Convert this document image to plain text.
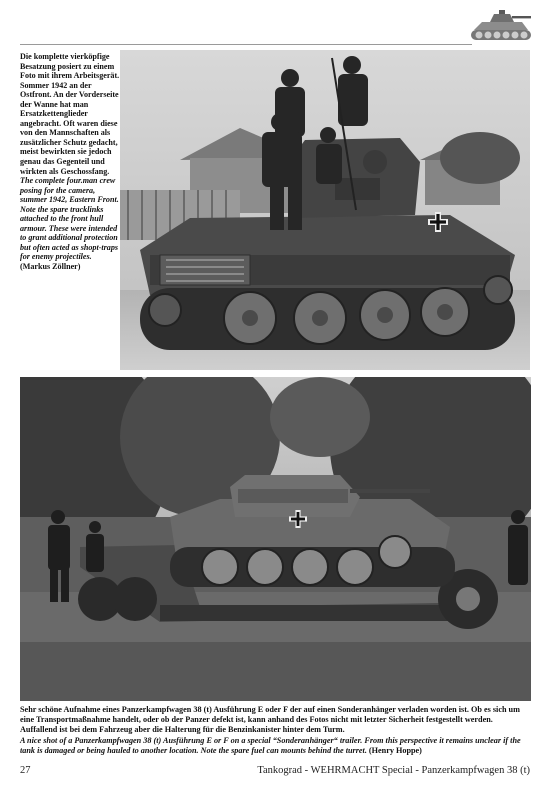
Die komplette vierköpfige Besatzung posiert zu einem Foto mit ihrem Arbeitsgerät. Sommer 1942 an der Ostfront. An der Vorderseite der Wanne hat man Ersatzkettenglieder angebracht. Oft waren diese von den Mannschaften als zusätzlicher Schutz gedacht, meist bewirkten sie jedoch genau das Gegenteil und wirkten als Geschossfang. The complete four.man crew posing for the camera, summer 1942, Eastern Front. Note the spare tracklinks attached to the front hull armour. These were intended to grant additional protection but often acted as shopt-traps for enemy projectiles. (Markus Zöllner)
Sehr schöne Aufnahme eines Panzerkampfwagen 38 (t) Ausführung E oder F der auf einen Sonderanhänger verladen worden ist. Ob es sich um eine Transportmaßnahme handelt, oder ob der Panzer defekt ist, kann anhand des Fotos nicht mit letzter Sicherheit festgestellt werden. Auffallend ist bei dem Fahrzeug aber die Halterung für die Benzinkanister hinter dem Turm.
A nice shot of a Panzerkampfwagen 38 (t) Ausführung E or F on a special “Sonderanhänger“ trailer. From this perspective it remains unclear if the tank is damaged or being hauled to another location. Note the spare fuel can mounts behind the turret. (Henry Hoppe)
27	Tankograd - WEHRMACHT Special - Panzerkampfwagen 38 (t)
